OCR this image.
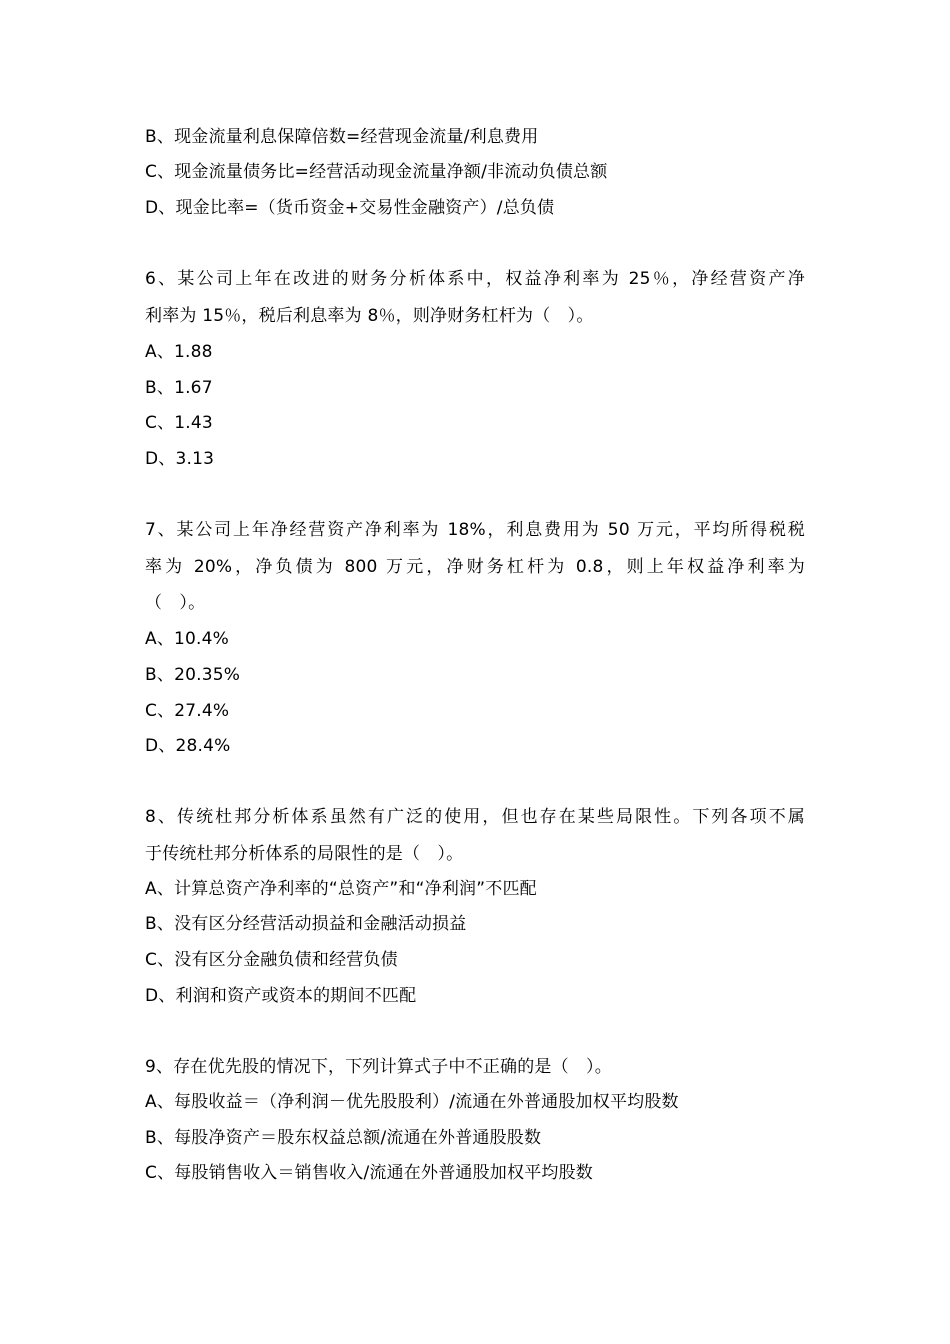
B、现金流量利息保障倍数=经营现金流量/利息费用
C、现金流量债务比=经营活动现金流量净额/非流动负债总额
D、现金比率=（货币资金+交易性金融资产）/总负债
6、某公司上年在改进的财务分析体系中，权益净利率为 25％，净经营资产净
利率为 15％，税后利息率为 8％，则净财务杠杆为（　）。
A、1.88
B、1.67
C、1.43
D、3.13
7、某公司上年净经营资产净利率为 18%，利息费用为 50 万元，平均所得税税
率为 20%，净负债为 800 万元，净财务杠杆为 0.8，则上年权益净利率为
（　）。
A、10.4%
B、20.35%
C、27.4%
D、28.4%
8、传统杜邦分析体系虽然有广泛的使用，但也存在某些局限性。下列各项不属
于传统杜邦分析体系的局限性的是（　）。
A、计算总资产净利率的“总资产”和“净利润”不匹配
B、没有区分经营活动损益和金融活动损益
C、没有区分金融负债和经营负债
D、利润和资产或资本的期间不匹配
9、存在优先股的情况下，下列计算式子中不正确的是（　）。
A、每股收益＝（净利润－优先股股利）/流通在外普通股加权平均股数
B、每股净资产＝股东权益总额/流通在外普通股股数
C、每股销售收入＝销售收入/流通在外普通股加权平均股数
